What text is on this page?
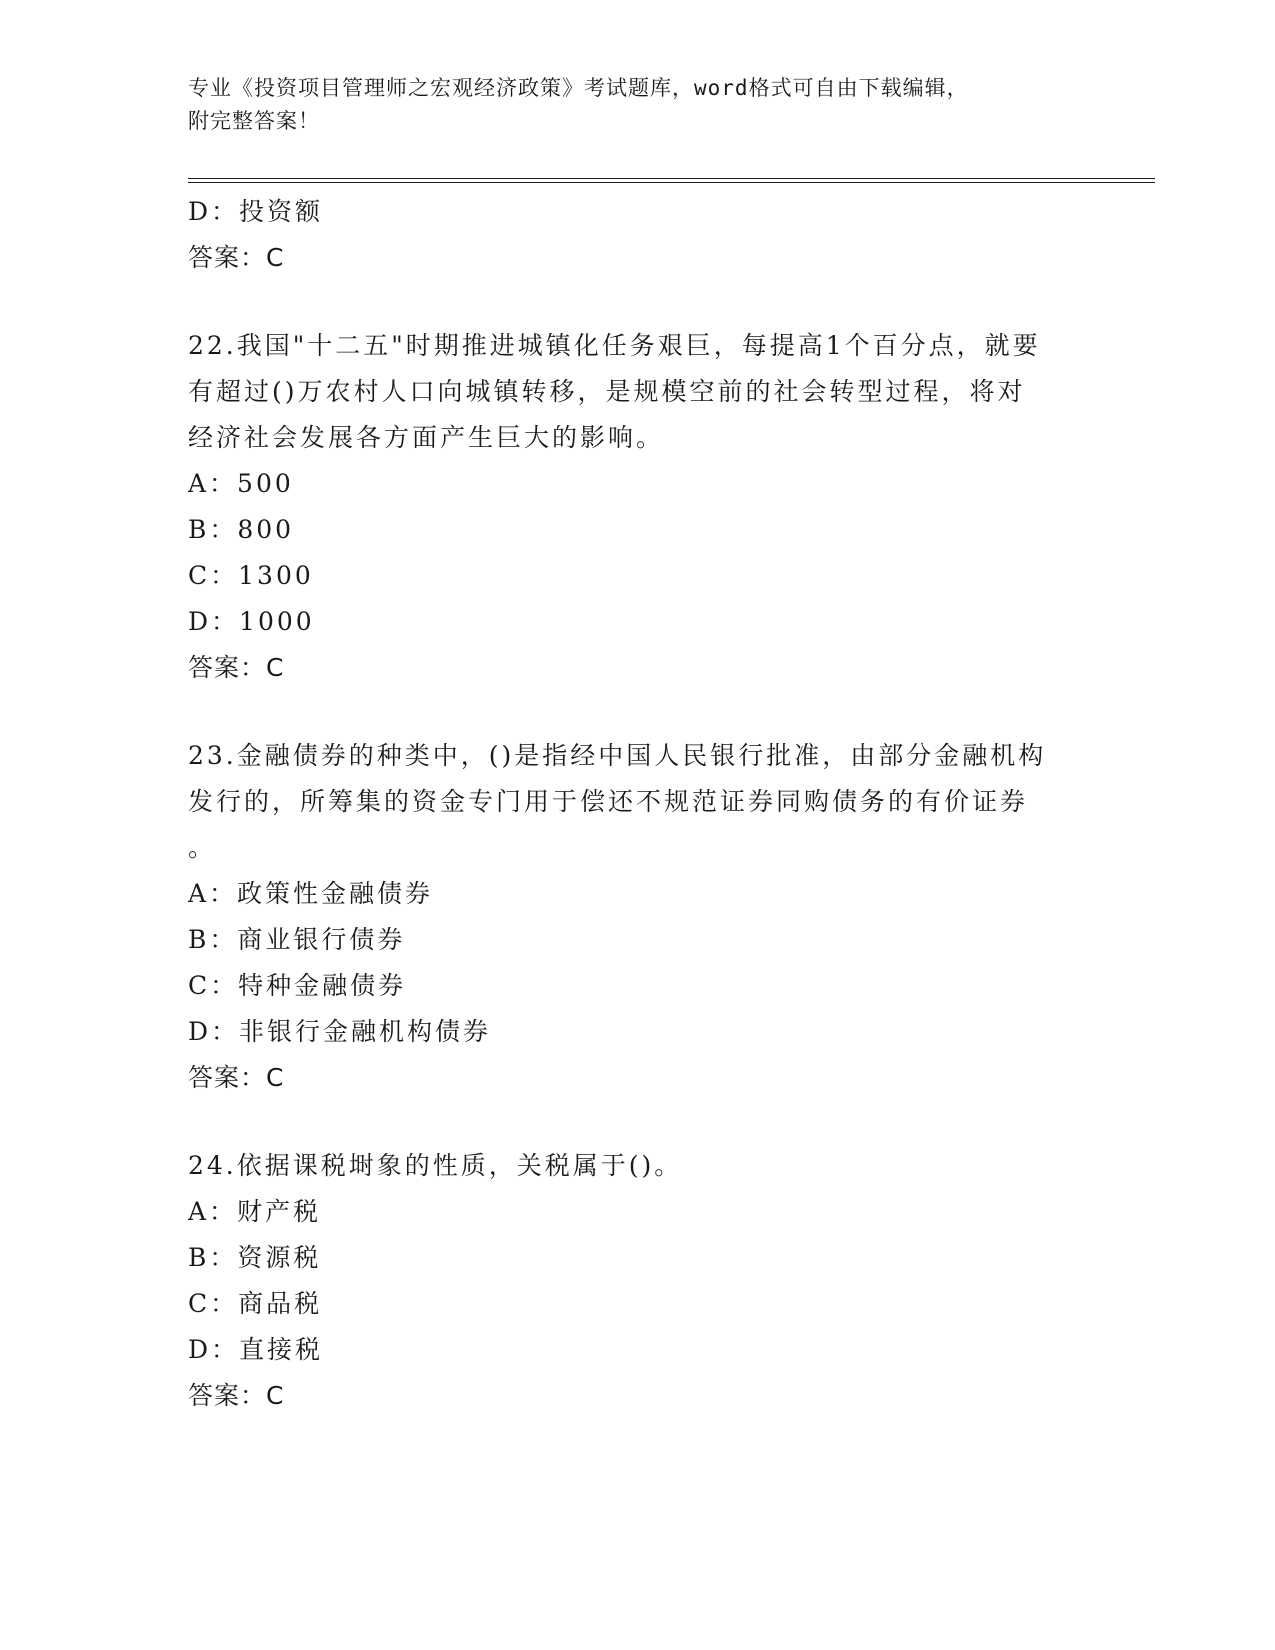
专业《投资项目管理师之宏观经济政策》考试题库，word格式可自由下载编辑，
附完整答案！
D：投资额
答案：C
22.我国"十二五"时期推进城镇化任务艰巨，每提高1个百分点，就要
有超过()万农村人口向城镇转移，是规模空前的社会转型过程，将对
经济社会发展各方面产生巨大的影响。
A：500
B：800
C：1300
D：1000
答案：C
23.金融债券的种类中，()是指经中国人民银行批准，由部分金融机构
发行的，所筹集的资金专门用于偿还不规范证券同购债务的有价证券
。
A：政策性金融债券
B：商业银行债券
C：特种金融债券
D：非银行金融机构债券
答案：C
24.依据课税埘象的性质，关税属于()。
A：财产税
B：资源税
C：商品税
D：直接税
答案：C
